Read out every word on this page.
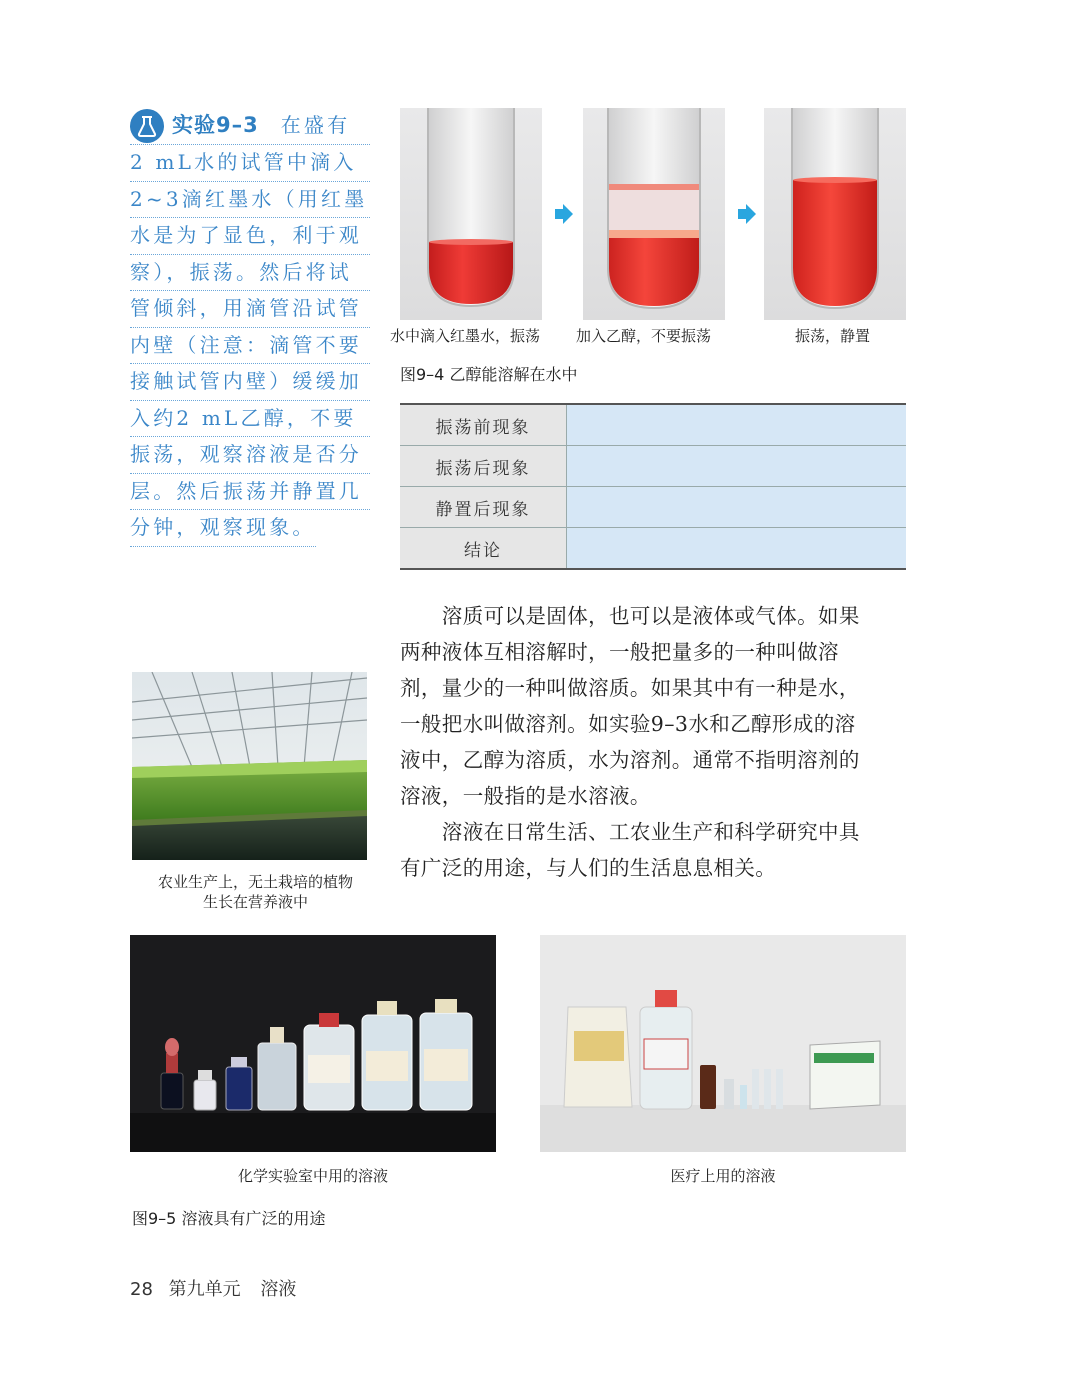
实验9–3 在盛有
2 mL水的试管中滴入
2~3滴红墨水（用红墨
水是为了显色，利于观
察），振荡。然后将试
管倾斜，用滴管沿试管
内壁（注意：滴管不要
接触试管内壁）缓缓加
入约2 mL乙醇，不要
振荡，观察溶液是否分
层。然后振荡并静置几
分钟，观察现象。
水中滴入红墨水，振荡 加入乙醇，不要振荡	振荡，静置
图9–4 乙醇能溶解在水中
振荡前现象	
振荡后现象	
静置后现象	
结论	
　　溶质可以是固体，也可以是液体或气体。如果
两种液体互相溶解时，一般把量多的一种叫做溶
剂，量少的一种叫做溶质。如果其中有一种是水，
一般把水叫做溶剂。如实验9–3水和乙醇形成的溶
液中，乙醇为溶质，水为溶剂。通常不指明溶剂的
溶液，一般指的是水溶液。
　　溶液在日常生活、工农业生产和科学研究中具
有广泛的用途，与人们的生活息息相关。
农业生产上，无土栽培的植物
生长在营养液中
化学实验室中用的溶液	医疗上用的溶液
图9–5 溶液具有广泛的用途
28 第九单元 溶液
